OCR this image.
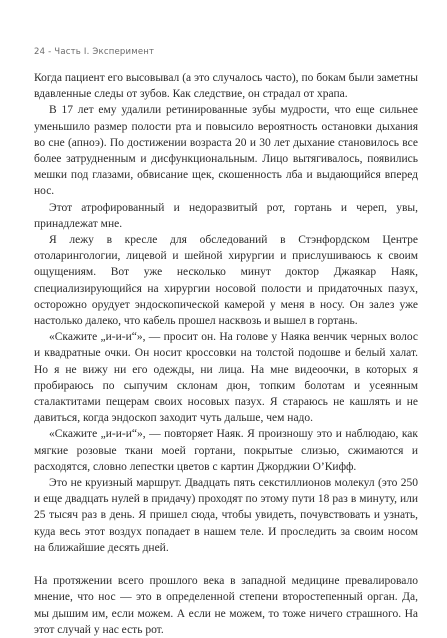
24 - Часть I. Эксперимент

Когда пациент его высовывал (а это случалось часто), по бокам были заметны вдавленные следы от зубов. Как следствие, он страдал от храпа.

В 17 лет ему удалили ретинированные зубы мудрости, что еще сильнее уменьшило размер полости рта и повысило вероятность остановки дыхания во сне (апноэ). По достижении возраста 20 и 30 лет дыхание становилось все более затрудненным и дисфункциональным. Лицо вытягивалось, появились мешки под глазами, обвисание щек, скошенность лба и выдающийся вперед нос.

Этот атрофированный и недоразвитый рот, гортань и череп, увы, принадлежат мне.

Я лежу в кресле для обследований в Стэнфордском Центре отоларингологии, лицевой и шейной хирургии и прислушиваюсь к своим ощущениям. Вот уже несколько минут доктор Джаякар Наяк, специализирующийся на хирургии носовой полости и придаточных пазух, осторожно орудует эндоскопической камерой у меня в носу. Он залез уже настолько далеко, что кабель прошел насквозь и вышел в гортань.

«Скажите „и-и-и“», — просит он. На голове у Наяка венчик черных волос и квадратные очки. Он носит кроссовки на толстой подошве и белый халат. Но я не вижу ни его одежды, ни лица. На мне видеоочки, в которых я пробираюсь по сыпучим склонам дюн, топким болотам и усеянным сталактитами пещерам своих носовых пазух. Я стараюсь не кашлять и не давиться, когда эндоскоп заходит чуть дальше, чем надо.

«Скажите „и-и-и“», — повторяет Наяк. Я произношу это и наблюдаю, как мягкие розовые ткани моей гортани, покрытые слизью, сжимаются и расходятся, словно лепестки цветов с картин Джорджии О’Кифф.

Это не круизный маршрут. Двадцать пять секстиллионов молекул (это 250 и еще двадцать нулей в придачу) проходят по этому пути 18 раз в минуту, или 25 тысяч раз в день. Я пришел сюда, чтобы увидеть, почувствовать и узнать, куда весь этот воздух попадает в нашем теле. И проследить за своим носом на ближайшие десять дней.

На протяжении всего прошлого века в западной медицине превалировало мнение, что нос — это в определенной степени второстепенный орган. Да, мы дышим им, если можем. А если не можем, то тоже ничего страшного. На этот случай у нас есть рот.
